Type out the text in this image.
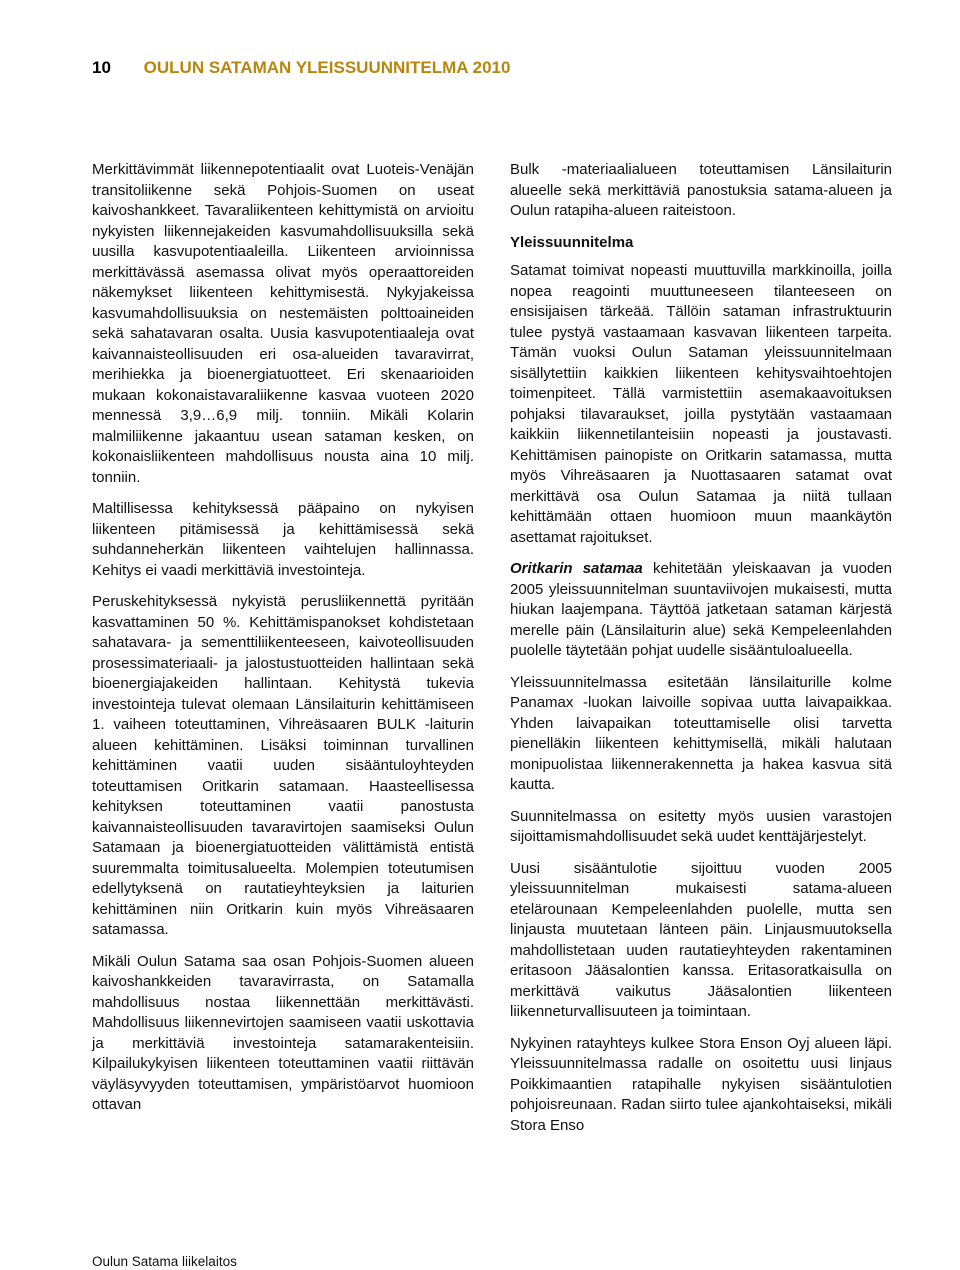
10 OULUN SATAMAN YLEISSUUNNITELMA 2010

Merkittävimmät liikennepotentiaalit ovat Luoteis-Venäjän transitoliikenne sekä Pohjois-Suomen on useat kaivoshankkeet. Tavaraliikenteen kehittymistä on arvioitu nykyisten liikennejakeiden kasvumahdollisuuksilla sekä uusilla kasvupotentiaaleilla. Liikenteen arvioinnissa merkittävässä asemassa olivat myös operaattoreiden näkemykset liikenteen kehittymisestä. Nykyjakeissa kasvumahdollisuuksia on nestemäisten polttoaineiden sekä sahatavaran osalta. Uusia kasvupotentiaaleja ovat kaivannaisteollisuuden eri osa-alueiden tavaravirrat, merihiekka ja bioenergiatuotteet. Eri skenaarioiden mukaan kokonaistavaraliikenne kasvaa vuoteen 2020 mennessä 3,9…6,9 milj. tonniin. Mikäli Kolarin malmiliikenne jakaantuu usean sataman kesken, on kokonaisliikenteen mahdollisuus nousta aina 10 milj. tonniin.

Maltillisessa kehityksessä pääpaino on nykyisen liikenteen pitämisessä ja kehittämisessä sekä suhdanneherkän liikenteen vaihtelujen hallinnassa. Kehitys ei vaadi merkittäviä investointeja.

Peruskehityksessä nykyistä perusliikennettä pyritään kasvattaminen 50 %. Kehittämispanokset kohdistetaan sahatavara- ja sementtiliikenteeseen, kaivoteollisuuden prosessimateriaali- ja jalostustuotteiden hallintaan sekä bioenergiajakeiden hallintaan. Kehitystä tukevia investointeja tulevat olemaan Länsilaiturin kehittämiseen 1. vaiheen toteuttaminen, Vihreäsaaren BULK -laiturin alueen kehittäminen. Lisäksi toiminnan turvallinen kehittäminen vaatii uuden sisääntuloyhteyden toteuttamisen Oritkarin satamaan. Haasteellisessa kehityksen toteuttaminen vaatii panostusta kaivannaisteollisuuden tavaravirtojen saamiseksi Oulun Satamaan ja bioenergiatuotteiden välittämistä entistä suuremmalta toimitusalueelta. Molempien toteutumisen edellytyksenä on rautatieyhteyksien ja laiturien kehittäminen niin Oritkarin kuin myös Vihreäsaaren satamassa.

Mikäli Oulun Satama saa osan Pohjois-Suomen alueen kaivoshankkeiden tavaravirrasta, on Satamalla mahdollisuus nostaa liikennettään merkittävästi. Mahdollisuus liikennevirtojen saamiseen vaatii uskottavia ja merkittäviä investointeja satamarakenteisiin. Kilpailukykyisen liikenteen toteuttaminen vaatii riittävän väyläsyvyyden toteuttamisen, ympäristöarvot huomioon ottavan

Bulk -materiaalialueen toteuttamisen Länsilaiturin alueelle sekä merkittäviä panostuksia satama-alueen ja Oulun ratapiha-alueen raiteistoon.

Yleissuunnitelma

Satamat toimivat nopeasti muuttuvilla markkinoilla, joilla nopea reagointi muuttuneeseen tilanteeseen on ensisijaisen tärkeää. Tällöin sataman infrastruktuurin tulee pystyä vastaamaan kasvavan liikenteen tarpeita. Tämän vuoksi Oulun Sataman yleissuunnitelmaan sisällytettiin kaikkien liikenteen kehitysvaihtoehtojen toimenpiteet. Tällä varmistettiin asemakaavoituksen pohjaksi tilavaraukset, joilla pystytään vastaamaan kaikkiin liikennetilanteisiin nopeasti ja joustavasti. Kehittämisen painopiste on Oritkarin satamassa, mutta myös Vihreäsaaren ja Nuottasaaren satamat ovat merkittävä osa Oulun Satamaa ja niitä tullaan kehittämään ottaen huomioon muun maankäytön asettamat rajoitukset.

Oritkarin satamaa kehitetään yleiskaavan ja vuoden 2005 yleissuunnitelman suuntaviivojen mukaisesti, mutta hiukan laajempana. Täyttöä jatketaan sataman kärjestä merelle päin (Länsilaiturin alue) sekä Kempeleenlahden puolelle täytetään pohjat uudelle sisääntuloalueella.

Yleissuunnitelmassa esitetään länsilaiturille kolme Panamax -luokan laivoille sopivaa uutta laivapaikkaa. Yhden laivapaikan toteuttamiselle olisi tarvetta pienelläkin liikenteen kehittymisellä, mikäli halutaan monipuolistaa liikennerakennetta ja hakea kasvua sitä kautta.

Suunnitelmassa on esitetty myös uusien varastojen sijoittamismahdollisuudet sekä uudet kenttäjärjestelyt.

Uusi sisääntulotie sijoittuu vuoden 2005 yleissuunnitelman mukaisesti satama-alueen etelärounaan Kempeleenlahden puolelle, mutta sen linjausta muutetaan länteen päin. Linjausmuutoksella mahdollistetaan uuden rautatieyhteyden rakentaminen eritasoon Jääsalontien kanssa. Eritasoratkaisulla on merkittävä vaikutus Jääsalontien liikenteen liikenneturvallisuuteen ja toimintaan.

Nykyinen ratayhteys kulkee Stora Enson Oyj alueen läpi. Yleissuunnitelmassa radalle on osoitettu uusi linjaus Poikkimaantien ratapihalle nykyisen sisääntulotien pohjoisreunaan. Radan siirto tulee ajankohtaiseksi, mikäli Stora Enso

Oulun Satama liikelaitos
